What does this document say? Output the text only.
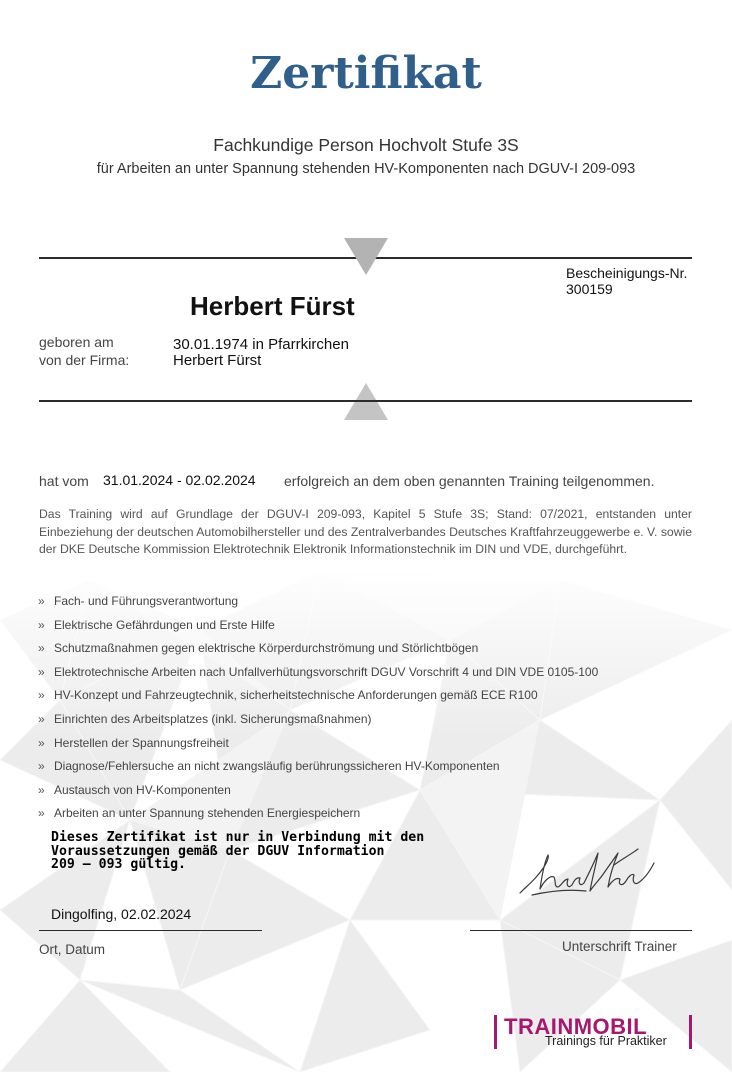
Zertifikat
Fachkundige Person Hochvolt Stufe 3S
für Arbeiten an unter Spannung stehenden HV-Komponenten nach DGUV-I 209-093
Bescheinigungs-Nr.
300159
Herbert Fürst
geboren am
von der Firma:
30.01.1974 in Pfarrkirchen
Herbert Fürst
hat vom 31.01.2024 - 02.02.2024 erfolgreich an dem oben genannten Training teilgenommen.
Das Training wird auf Grundlage der DGUV-I 209-093, Kapitel 5 Stufe 3S; Stand: 07/2021, entstanden unter Einbeziehung der deutschen Automobilhersteller und des Zentralverbandes Deutsches Kraftfahrzeuggewerbe e. V. sowie der DKE Deutsche Kommission Elektrotechnik Elektronik Informationstechnik im DIN und VDE, durchgeführt.
» Fach- und Führungsverantwortung
» Elektrische Gefährdungen und Erste Hilfe
» Schutzmaßnahmen gegen elektrische Körperdurchströmung und Störlichtbögen
» Elektrotechnische Arbeiten nach Unfallverhütungsvorschrift DGUV Vorschrift 4 und DIN VDE 0105-100
» HV-Konzept und Fahrzeugtechnik, sicherheitstechnische Anforderungen gemäß ECE R100
» Einrichten des Arbeitsplatzes (inkl. Sicherungsmaßnahmen)
» Herstellen der Spannungsfreiheit
» Diagnose/Fehlersuche an nicht zwangsläufig berührungssicheren HV-Komponenten
» Austausch von HV-Komponenten
» Arbeiten an unter Spannung stehenden Energiespeichern
Dieses Zertifikat ist nur in Verbindung mit den
Voraussetzungen gemäß der DGUV Information
209 – 093 gültig.
Dingolfing, 02.02.2024
Ort, Datum	Unterschrift Trainer
TRAINMOBIL
Trainings für Praktiker
